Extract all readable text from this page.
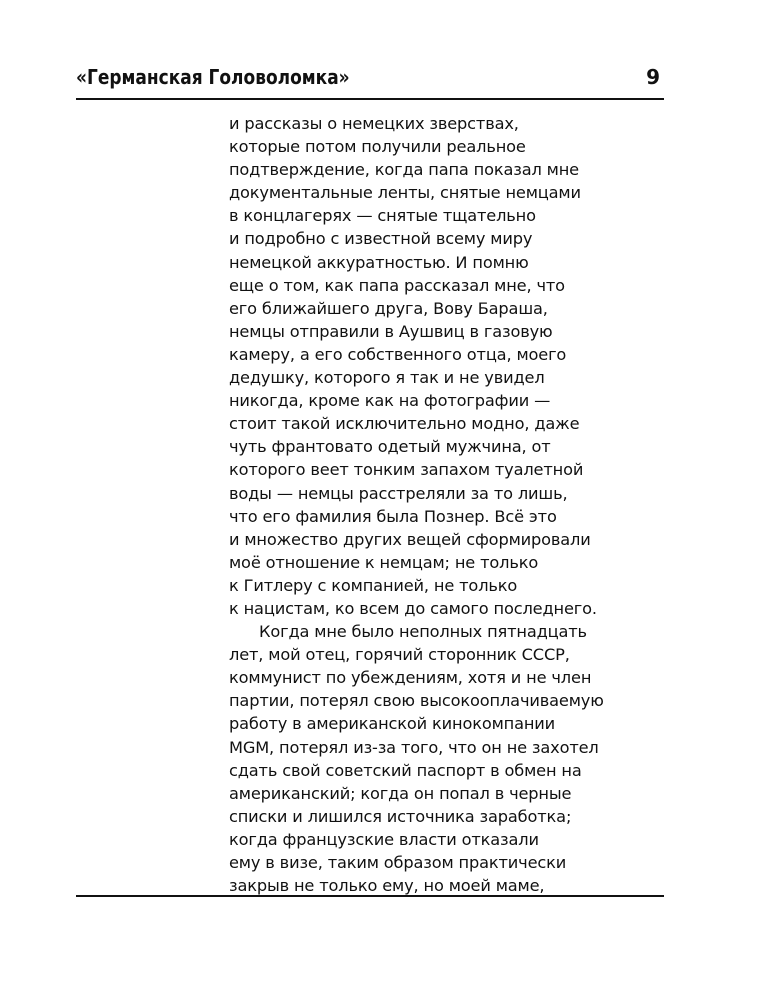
«Германская Головоломка»	9
и рассказы о немецких зверствах,
которые потом получили реальное
подтверждение, когда папа показал мне
документальные ленты, снятые немцами
в концлагерях — снятые тщательно
и подробно с известной всему миру
немецкой аккуратностью. И помню
еще о том, как папа рассказал мне, что
его ближайшего друга, Вову Бараша,
немцы отправили в Аушвиц в газовую
камеру, а его собственного отца, моего
дедушку, которого я так и не увидел
никогда, кроме как на фотографии —
стоит такой исключительно модно, даже
чуть франтовато одетый мужчина, от
которого веет тонким запахом туалетной
воды — немцы расстреляли за то лишь,
что его фамилия была Познер. Всё это
и множество других вещей сформировали
моё отношение к немцам; не только
к Гитлеру с компанией, не только
к нацистам, ко всем до самого последнего.
Когда мне было неполных пятнадцать
лет, мой отец, горячий сторонник СССР,
коммунист по убеждениям, хотя и не член
партии, потерял свою высокооплачиваемую
работу в американской кинокомпании
MGM, потерял из-за того, что он не захотел
сдать свой советский паспорт в обмен на
американский; когда он попал в черные
списки и лишился источника заработка;
когда французские власти отказали
ему в визе, таким образом практически
закрыв не только ему, но моей маме,
